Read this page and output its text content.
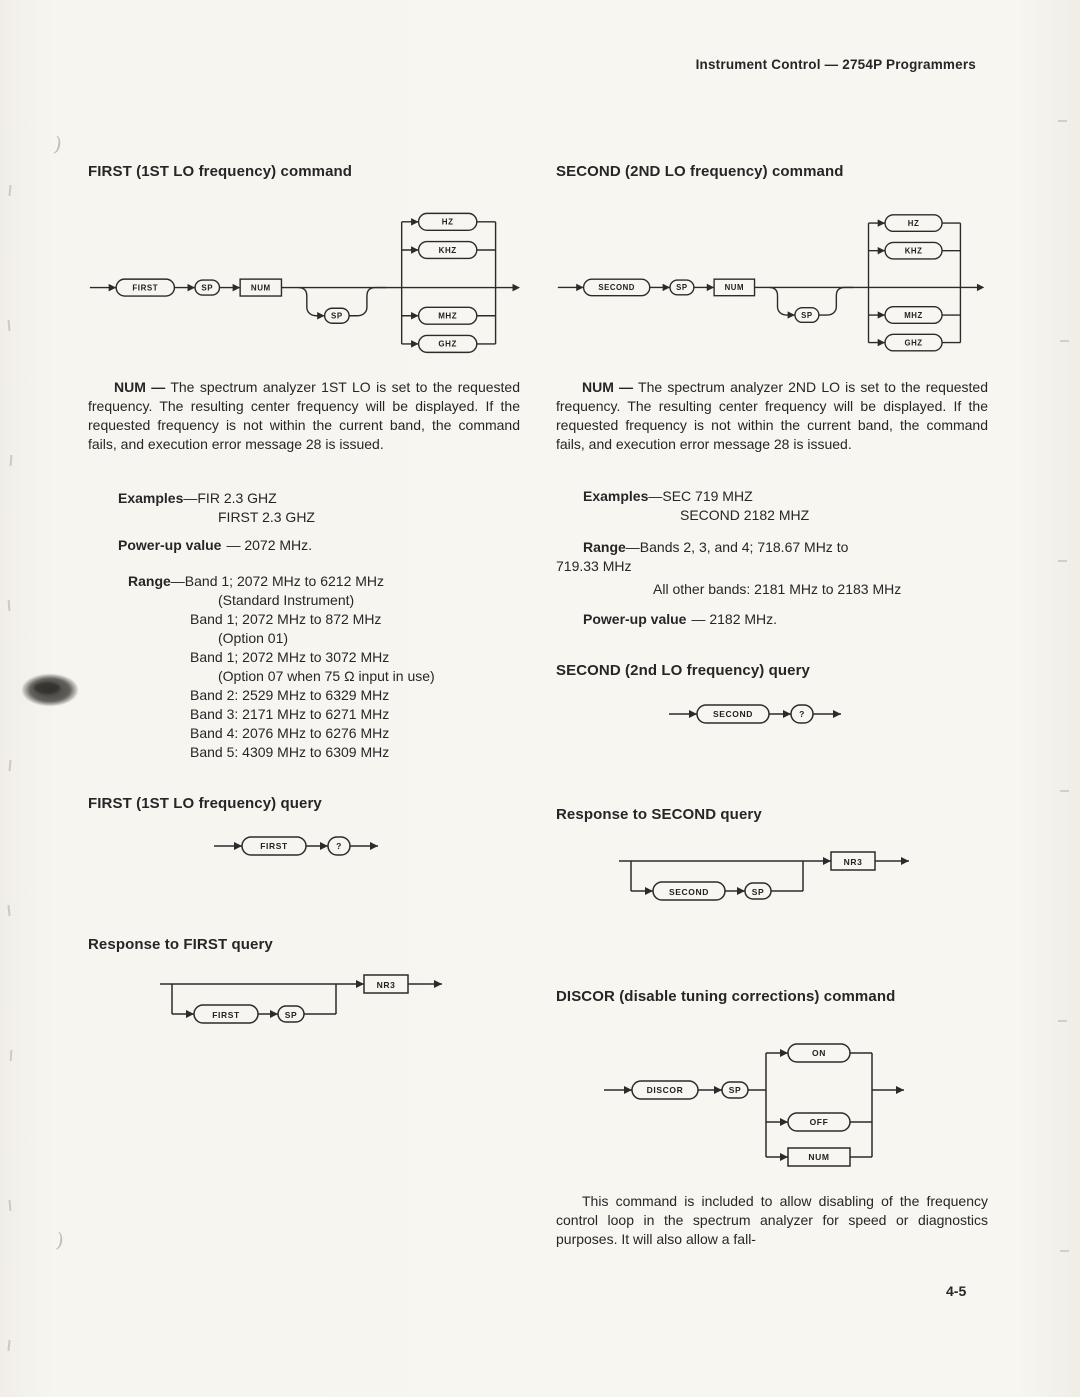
)
)
Instrument Control — 2754P Programmers
FIRST (1ST LO frequency) command
FIRST	SP	NUM
SP
HZ
KHZ
MHZ
GHZ

NUM — The spectrum analyzer 1ST LO is set to the requested frequency. The resulting center frequency will be displayed. If the requested frequency is not within the current band, the command fails, and execution error message 28 is issued.

Examples—FIR 2.3 GHZ
FIRST 2.3 GHZ
Power-up value — 2072 MHz.
Range—Band 1; 2072 MHz to 6212 MHz
(Standard Instrument)
Band 1; 2072 MHz to 872 MHz
(Option 01)
Band 1; 2072 MHz to 3072 MHz
(Option 07 when 75 Ω input in use)
Band 2: 2529 MHz to 6329 MHz
Band 3: 2171 MHz to 6271 MHz
Band 4: 2076 MHz to 6276 MHz
Band 5: 4309 MHz to 6309 MHz
FIRST (1ST LO frequency) query
FIRST	?
Response to FIRST query
FIRST	SP
NR3
SECOND (2ND LO frequency) command
SECOND	SP	NUM
SP
HZ
KHZ
MHZ
GHZ

NUM — The spectrum analyzer 2ND LO is set to the requested frequency. The resulting center frequency will be displayed. If the requested frequency is not within the current band, the command fails, and execution error message 28 is issued.

Examples—SEC 719 MHZ
SECOND 2182 MHZ
Range—Bands 2, 3, and 4; 718.67 MHz to
719.33 MHz
All other bands: 2181 MHz to 2183 MHz
Power-up value — 2182 MHz.
SECOND (2nd LO frequency) query
SECOND	?
Response to SECOND query
SECOND	SP
NR3
DISCOR (disable tuning corrections) command
DISCOR	SP
ON
OFF
NUM

This command is included to allow disabling of the frequency control loop in the spectrum analyzer for speed or diagnostics purposes. It will also allow a fall-

4-5
